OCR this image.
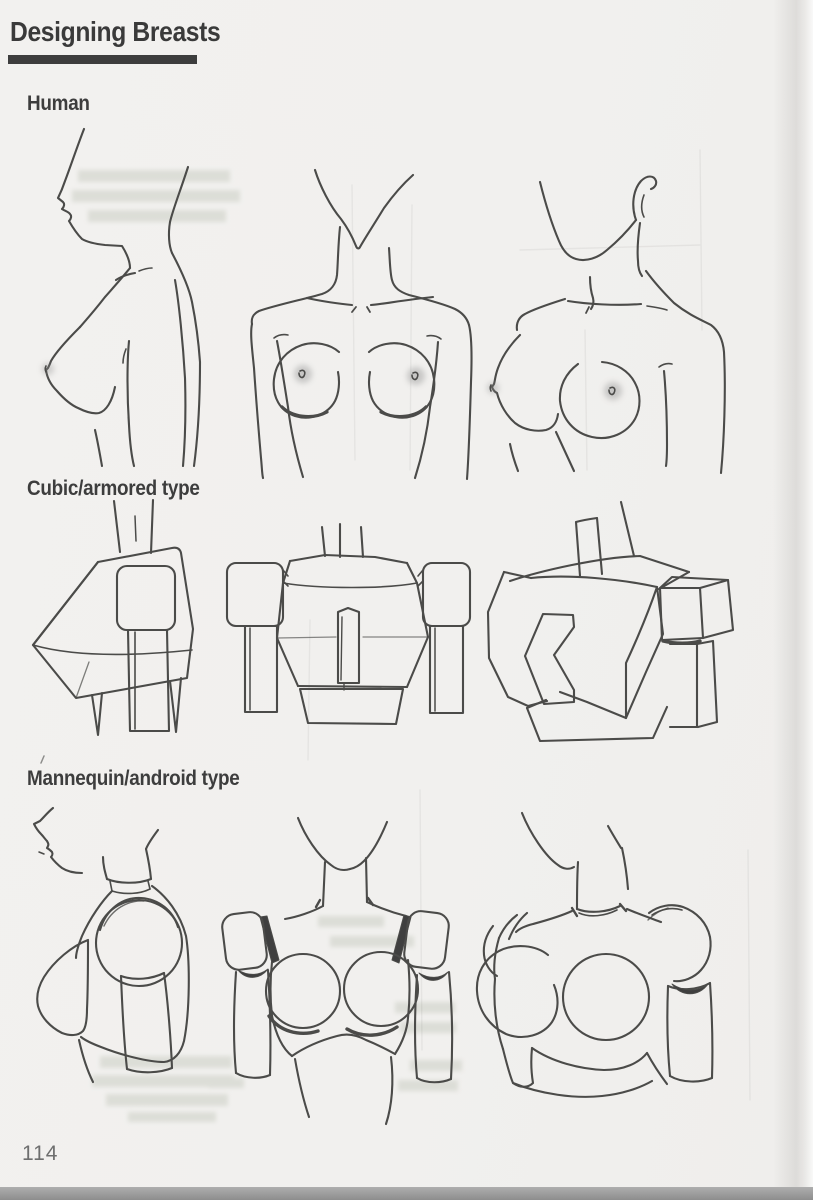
Designing Breasts
Human
Cubic/armored type
Mannequin/android type
114
